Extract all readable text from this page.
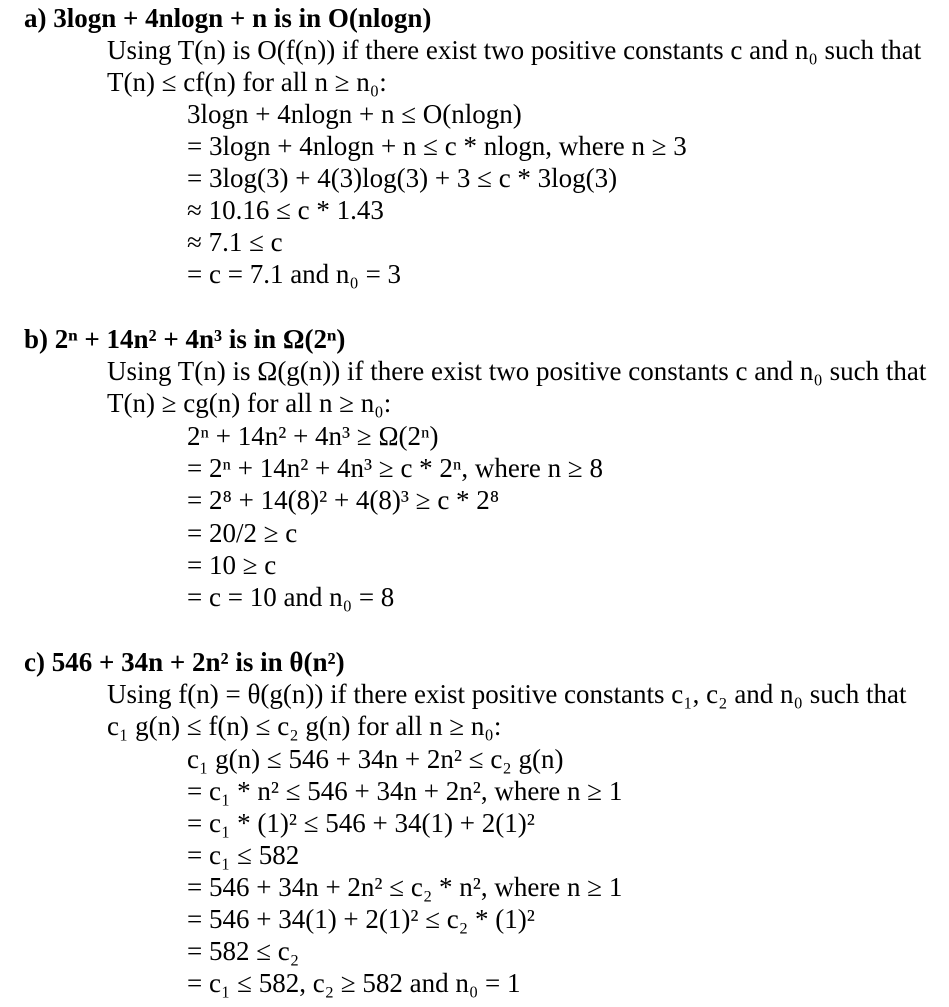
a) 3logn + 4nlogn + n is in O(nlogn)

Using T(n) is O(f(n)) if there exist two positive constants c and n₀ such that

T(n) ≤ cf(n) for all n ≥ n₀:

3logn + 4nlogn + n ≤ O(nlogn)

= 3logn + 4nlogn + n ≤ c * nlogn, where n ≥ 3

= 3log(3) + 4(3)log(3) + 3 ≤ c * 3log(3)

≈ 10.16 ≤ c * 1.43

≈ 7.1 ≤ c

= c = 7.1 and n₀ = 3

b) 2ⁿ + 14n² + 4n³ is in Ω(2ⁿ)

Using T(n) is Ω(g(n)) if there exist two positive constants c and n₀ such that

T(n) ≥ cg(n) for all n ≥ n₀:

2ⁿ + 14n² + 4n³ ≥ Ω(2ⁿ)

= 2ⁿ + 14n² + 4n³ ≥ c * 2ⁿ, where n ≥ 8

= 2⁸ + 14(8)² + 4(8)³ ≥ c * 2⁸

= 20/2 ≥ c

= 10 ≥ c

= c = 10 and n₀ = 8

c) 546 + 34n + 2n² is in θ(n²)

Using f(n) = θ(g(n)) if there exist positive constants c₁, c₂ and n₀ such that

c₁ g(n) ≤ f(n) ≤ c₂ g(n) for all n ≥ n₀:

c₁ g(n) ≤ 546 + 34n + 2n² ≤ c₂ g(n)

= c₁ * n² ≤ 546 + 34n + 2n², where n ≥ 1

= c₁ * (1)² ≤ 546 + 34(1) + 2(1)²

= c₁ ≤ 582

= 546 + 34n + 2n² ≤ c₂ * n², where n ≥ 1

= 546 + 34(1) + 2(1)² ≤ c₂ * (1)²

= 582 ≤ c₂

= c₁ ≤ 582, c₂ ≥ 582 and n₀ = 1
